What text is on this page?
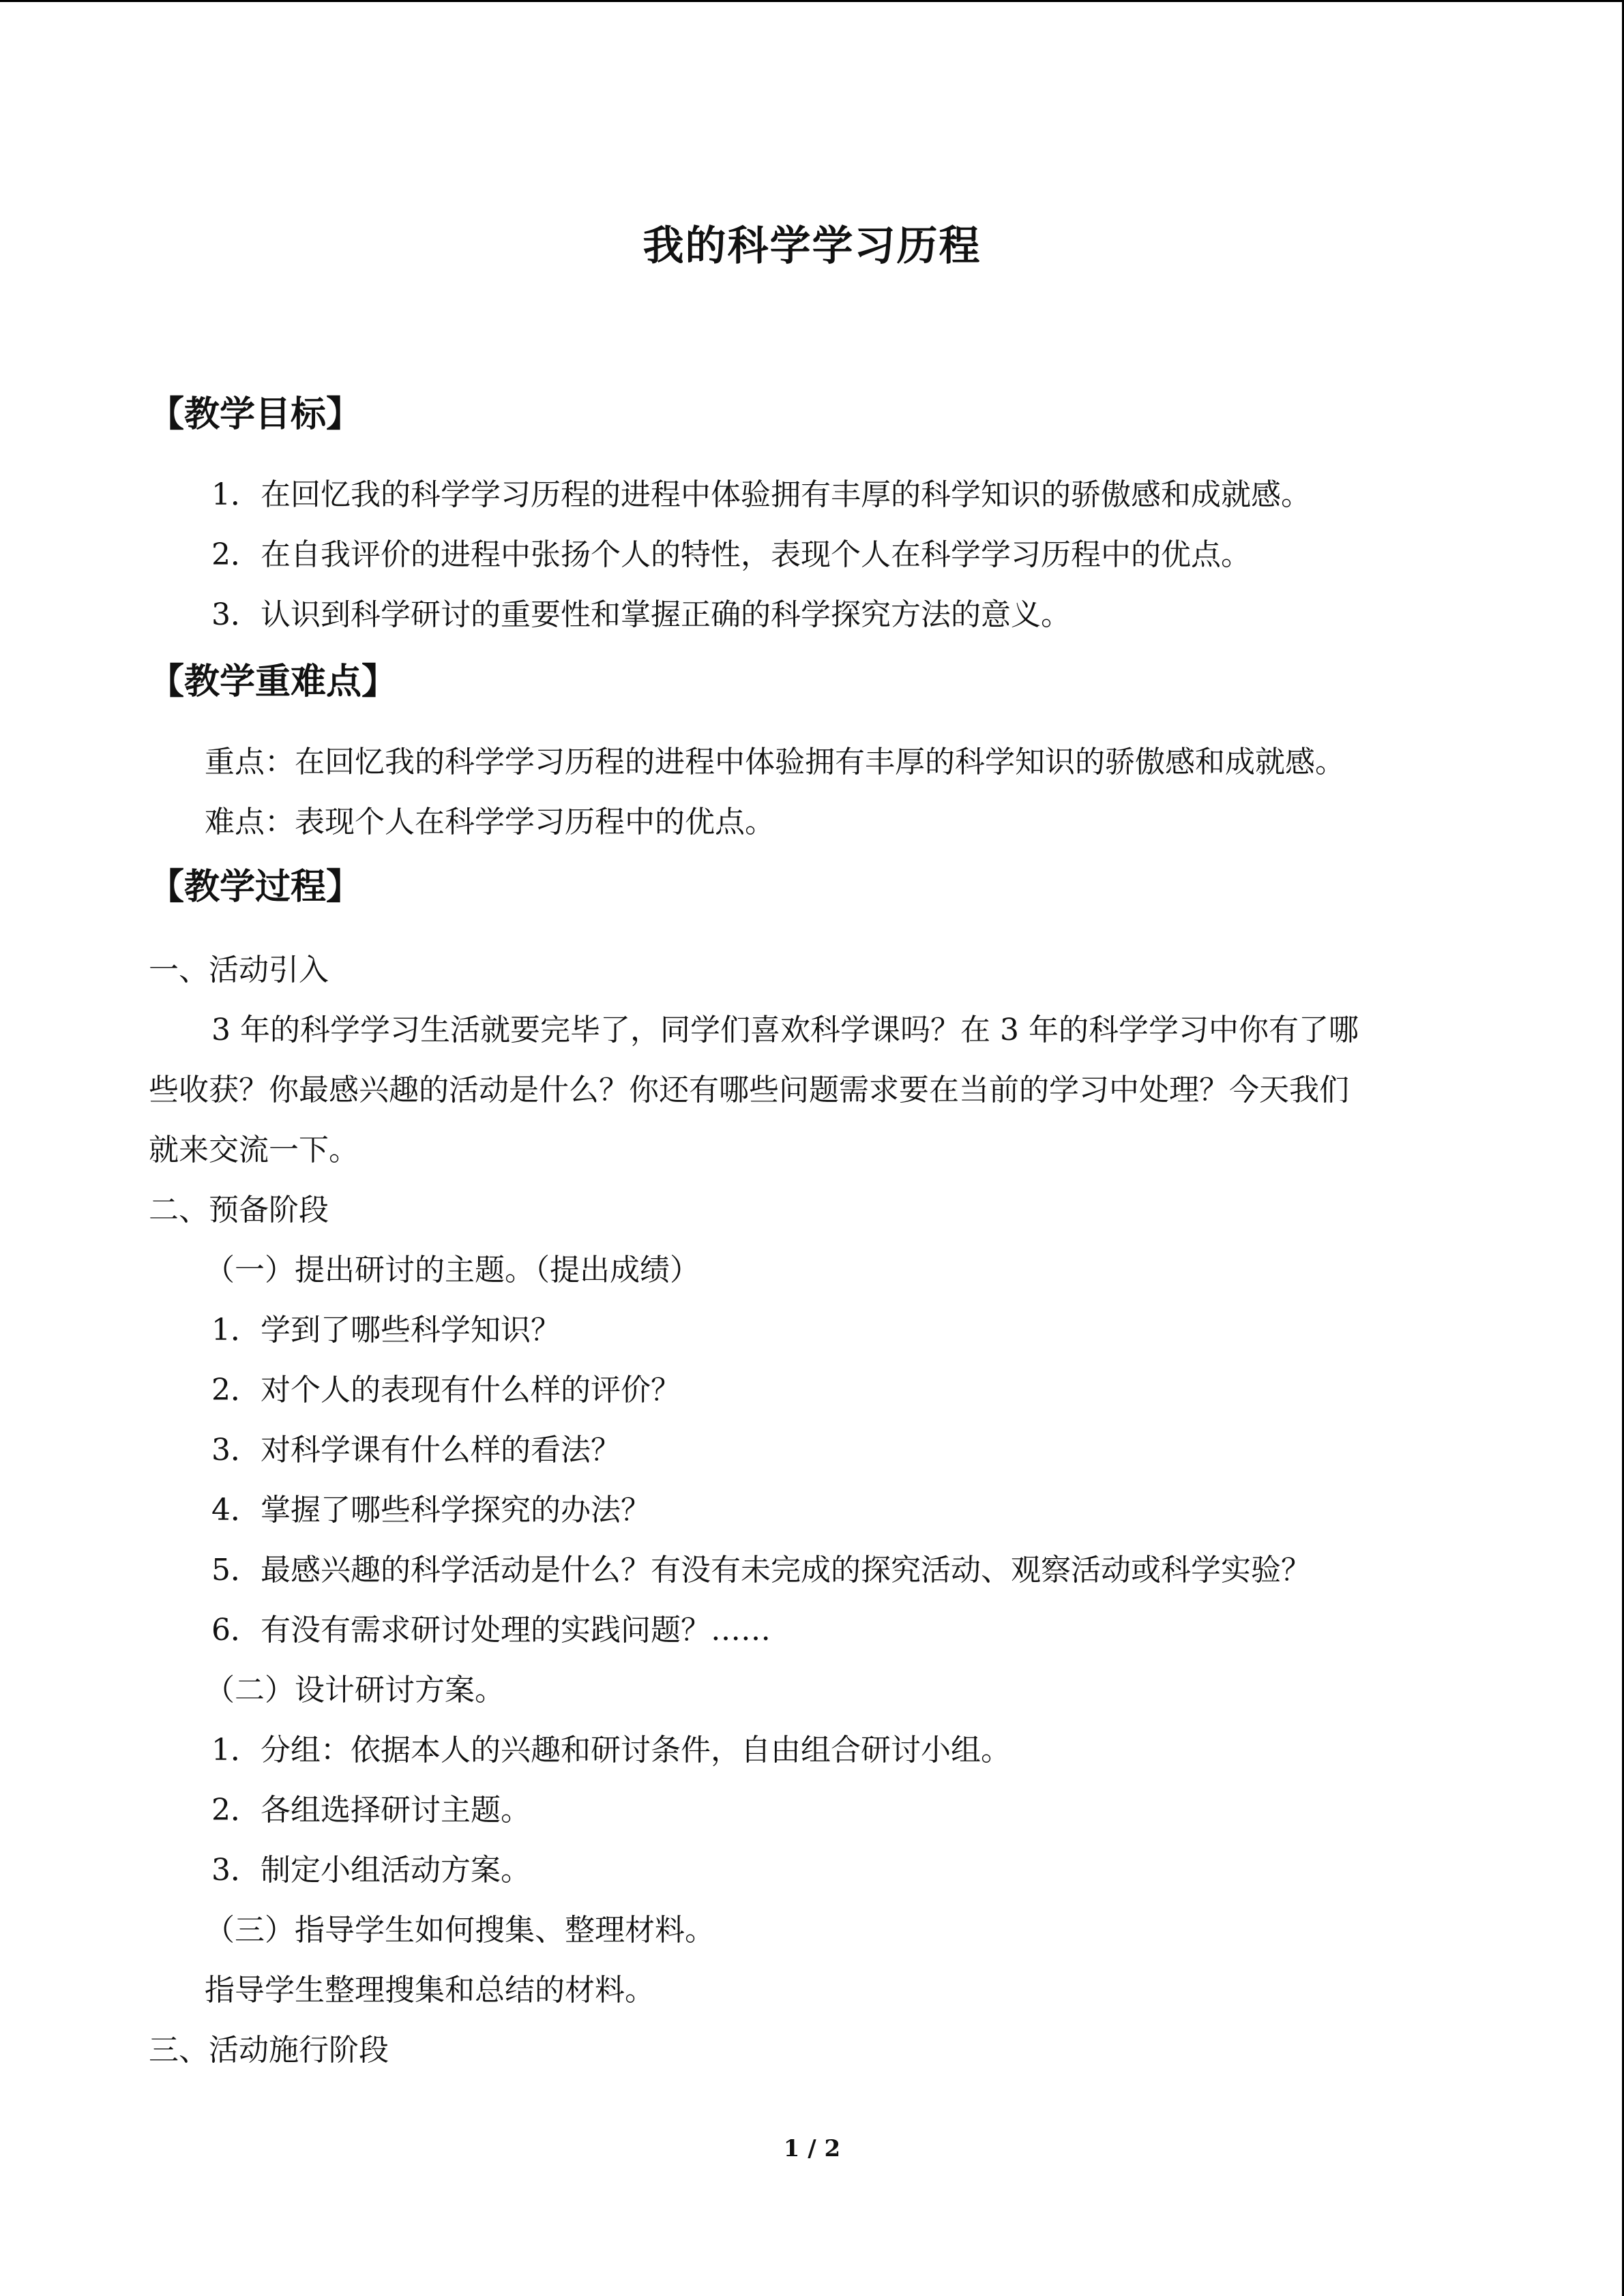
我的科学学习历程
【教学目标】
1．在回忆我的科学学习历程的进程中体验拥有丰厚的科学知识的骄傲感和成就感。
2．在自我评价的进程中张扬个人的特性，表现个人在科学学习历程中的优点。
3．认识到科学研讨的重要性和掌握正确的科学探究方法的意义。
【教学重难点】
重点：在回忆我的科学学习历程的进程中体验拥有丰厚的科学知识的骄傲感和成就感。
难点：表现个人在科学学习历程中的优点。
【教学过程】
一、活动引入
3 年的科学学习生活就要完毕了，同学们喜欢科学课吗？在 3 年的科学学习中你有了哪
些收获？你最感兴趣的活动是什么？你还有哪些问题需求要在当前的学习中处理？今天我们
就来交流一下。
二、预备阶段
（一）提出研讨的主题。（提出成绩）
1．学到了哪些科学知识？
2．对个人的表现有什么样的评价？
3．对科学课有什么样的看法？
4．掌握了哪些科学探究的办法？
5．最感兴趣的科学活动是什么？有没有未完成的探究活动、观察活动或科学实验？
6．有没有需求研讨处理的实践问题？……
（二）设计研讨方案。
1．分组：依据本人的兴趣和研讨条件，自由组合研讨小组。
2．各组选择研讨主题。
3．制定小组活动方案。
（三）指导学生如何搜集、整理材料。
指导学生整理搜集和总结的材料。
三、活动施行阶段
1 / 2
